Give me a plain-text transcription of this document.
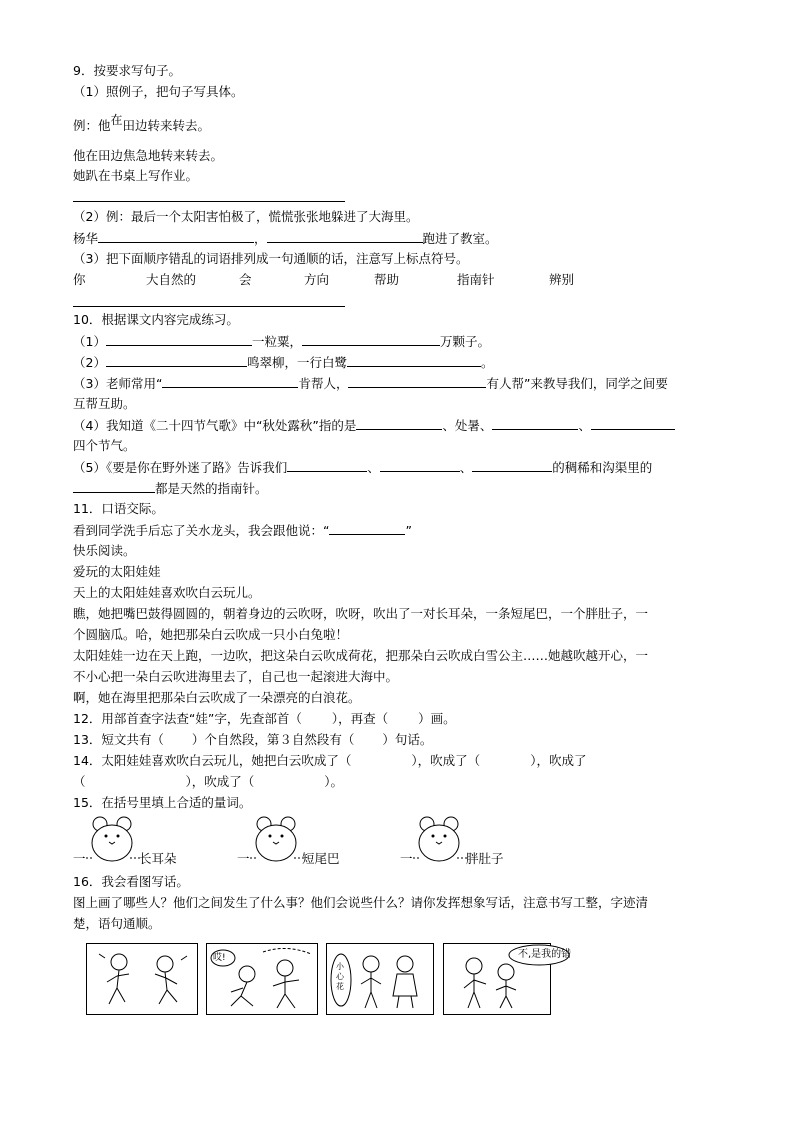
9．按要求写句子。
（1）照例子，把句子写具体。
例：他在田边转来转去。
他在田边焦急地转来转去。
她趴在书桌上写作业。
（2）例：最后一个太阳害怕极了，慌慌张张地躲进了大海里。
杨华	，	跑进了教室。
（3）把下面顺序错乱的词语排列成一句通顺的话，注意写上标点符号。
你	大自然的	会	方向	帮助	指南针	辨别
10．根据课文内容完成练习。
（1）	一粒粟，	万颗子。
（2）	鸣翠柳，一行白鹭	。
（3）老师常用“	肯帮人，	有人帮”来教导我们，同学之间要
互帮互助。
（4）我知道《二十四节气歌》中“秋处露秋”指的是	、处暑、	、
四个节气。
（5）《要是你在野外迷了路》告诉我们	、	、	的稠稀和沟渠里的
都是天然的指南针。
11．口语交际。
看到同学洗手后忘了关水龙头，我会跟他说：“	”
快乐阅读。
爱玩的太阳娃娃
天上的太阳娃娃喜欢吹白云玩儿。
瞧，她把嘴巴鼓得圆圆的，朝着身边的云吹呀，吹呀，吹出了一对长耳朵，一条短尾巴，一个胖肚子，一
个圆脑瓜。哈，她把那朵白云吹成一只小白兔啦！
太阳娃娃一边在天上跑，一边吹，把这朵白云吹成荷花，把那朵白云吹成白雪公主……她越吹越开心，一
不小心把一朵白云吹进海里去了，自己也一起滚进大海中。
啊，她在海里把那朵白云吹成了一朵漂亮的白浪花。
12．用部首查字法查“娃”字，先查部首（ ），再查（ ）画。
13．短文共有（ ）个自然段，第３自然段有（ ）句话。
14．太阳娃娃喜欢吹白云玩儿，她把白云吹成了（	），吹成了（	），吹成了
（	），吹成了（	）。
15．在括号里填上合适的量词。
一	长耳朵	一	短尾巴	一	胖肚子
16．我会看图写话。
图上画了哪些人？他们之间发生了什么事？他们会说些什么？请你发挥想象写话，注意书写工整，字迹清
楚，语句通顺。
哎!
小心花
不,是我的错
